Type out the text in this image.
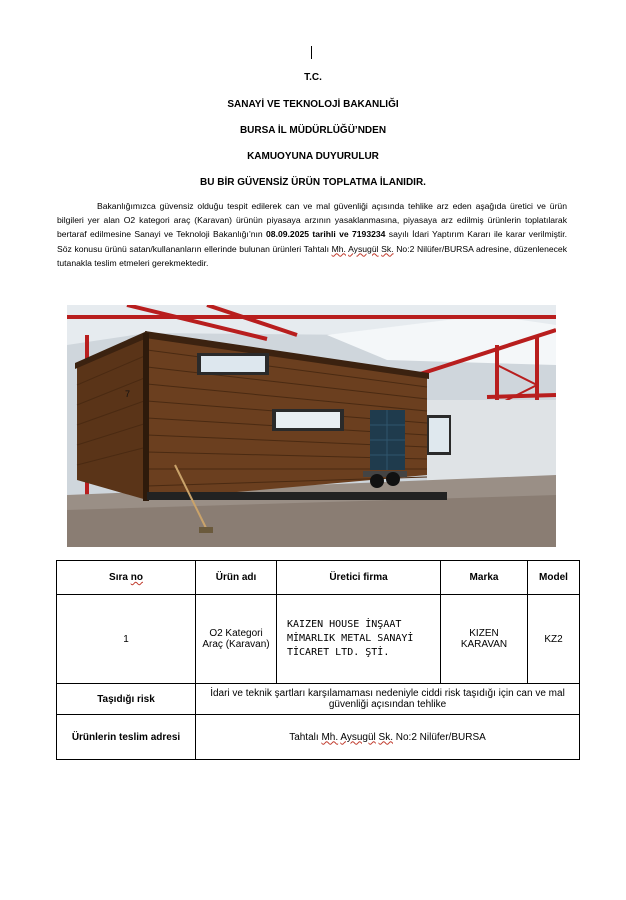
T.C.
SANAYİ VE TEKNOLOJİ BAKANLIĞI
BURSA İL MÜDÜRLÜĞÜ’NDEN
KAMUOYUNA DUYURULUR
BU BİR GÜVENSİZ ÜRÜN TOPLATMA İLANIDIR.
Bakanlığımızca güvensiz olduğu tespit edilerek can ve mal güvenliği açısında tehlike arz eden aşağıda üretici ve ürün bilgileri yer alan O2 kategori araç (Karavan) ürünün piyasaya arzının yasaklanmasına, piyasaya arz edilmiş ürünlerin toplatılarak bertaraf edilmesine Sanayi ve Teknoloji Bakanlığı’nın 08.09.2025 tarihli ve 7193234 sayılı İdari Yaptırım Kararı ile karar verilmiştir. Söz konusu ürünü satan/kullananların ellerinde bulunan ürünleri Tahtalı Mh. Aysugül Sk. No:2 Nilüfer/BURSA adresine, düzenlenecek tutanakla teslim etmeleri gerekmektedir.
7
Sıra no	Ürün adı	Üretici firma	Marka	Model
1	O2 Kategori Araç (Karavan)	KAIZEN HOUSE İNŞAAT MİMARLIK METAL SANAYİ TİCARET LTD. ŞTİ.	KIZEN KARAVAN	KZ2
Taşıdığı risk	İdari ve teknik şartları karşılamaması nedeniyle ciddi risk taşıdığı için can ve mal güvenliği açısından tehlike			
Ürünlerin teslim adresi	Tahtalı Mh. Aysugül Sk. No:2 Nilüfer/BURSA			
